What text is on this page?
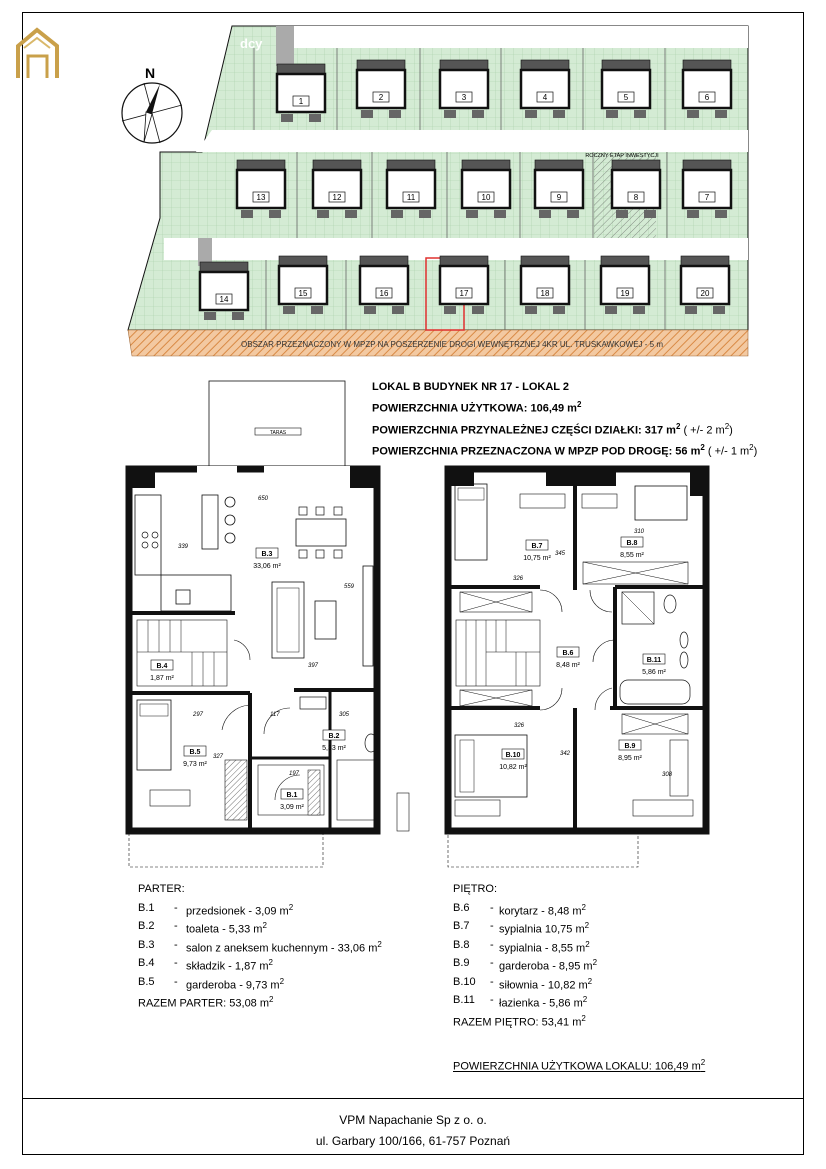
1	2	3	4	5	6
13	12	11	10	9	8	7
14
15	16	17	18	19	20
N
dcy
ROCZNY ETAP INWESTYCJI
OBSZAR PRZEZNACZONY W MPZP NA POSZERZENIE DROGI WEWNĘTRZNEJ 4KR UL. TRUSKAWKOWEJ - 5 m
B.3
33,06 m²
B.4
1,87 m²
B.5
9,73 m²
B.2
5,33 m²
B.1
3,09 m²
B.7
10,75 m²
B.8
8,55 m²
B.6
8,48 m²
B.11
5,86 m²
B.10
10,82 m²
B.9
8,95 m²
650
339
559
397
297
327
117
197
305
326
345
310
326
342
308
TARAS
LOKAL B BUDYNEK NR 17 - LOKAL 2
POWIERZCHNIA UŻYTKOWA: 106,49 $m^2$
POWIERZCHNIA PRZYNALEŻNEJ CZĘŚCI DZIAŁKI: 317 $m^2$ ( +/- 2 $m^2$)
POWIERZCHNIA PRZEZNACZONA W MPZP POD DROGĘ: 56 $m^2$ ( +/- 1 $m^2$)
PARTER:
B.1 - przedsionek - 3,09 $m^2$
B.2 - toaleta - 5,33 $m^2$
B.3 - salon z aneksem kuchennym - 33,06 $m^2$
B.4 - składzik - 1,87 $m^2$
B.5 - garderoba - 9,73 $m^2$
RAZEM PARTER: 53,08 $m^2$
PIĘTRO:
B.6 - korytarz - 8,48 $m^2$
B.7 - sypialnia 10,75 $m^2$
B.8 - sypialnia - 8,55 $m^2$
B.9 - garderoba - 8,95 $m^2$
B.10 - siłownia - 10,82 $m^2$
B.11 - łazienka - 5,86 $m^2$
RAZEM PIĘTRO: 53,41 $m^2$
POWIERZCHNIA UŻYTKOWA LOKALU: 106,49 $m^2$
VPM Napachanie Sp z o. o.
ul. Garbary 100/166, 61-757 Poznań
